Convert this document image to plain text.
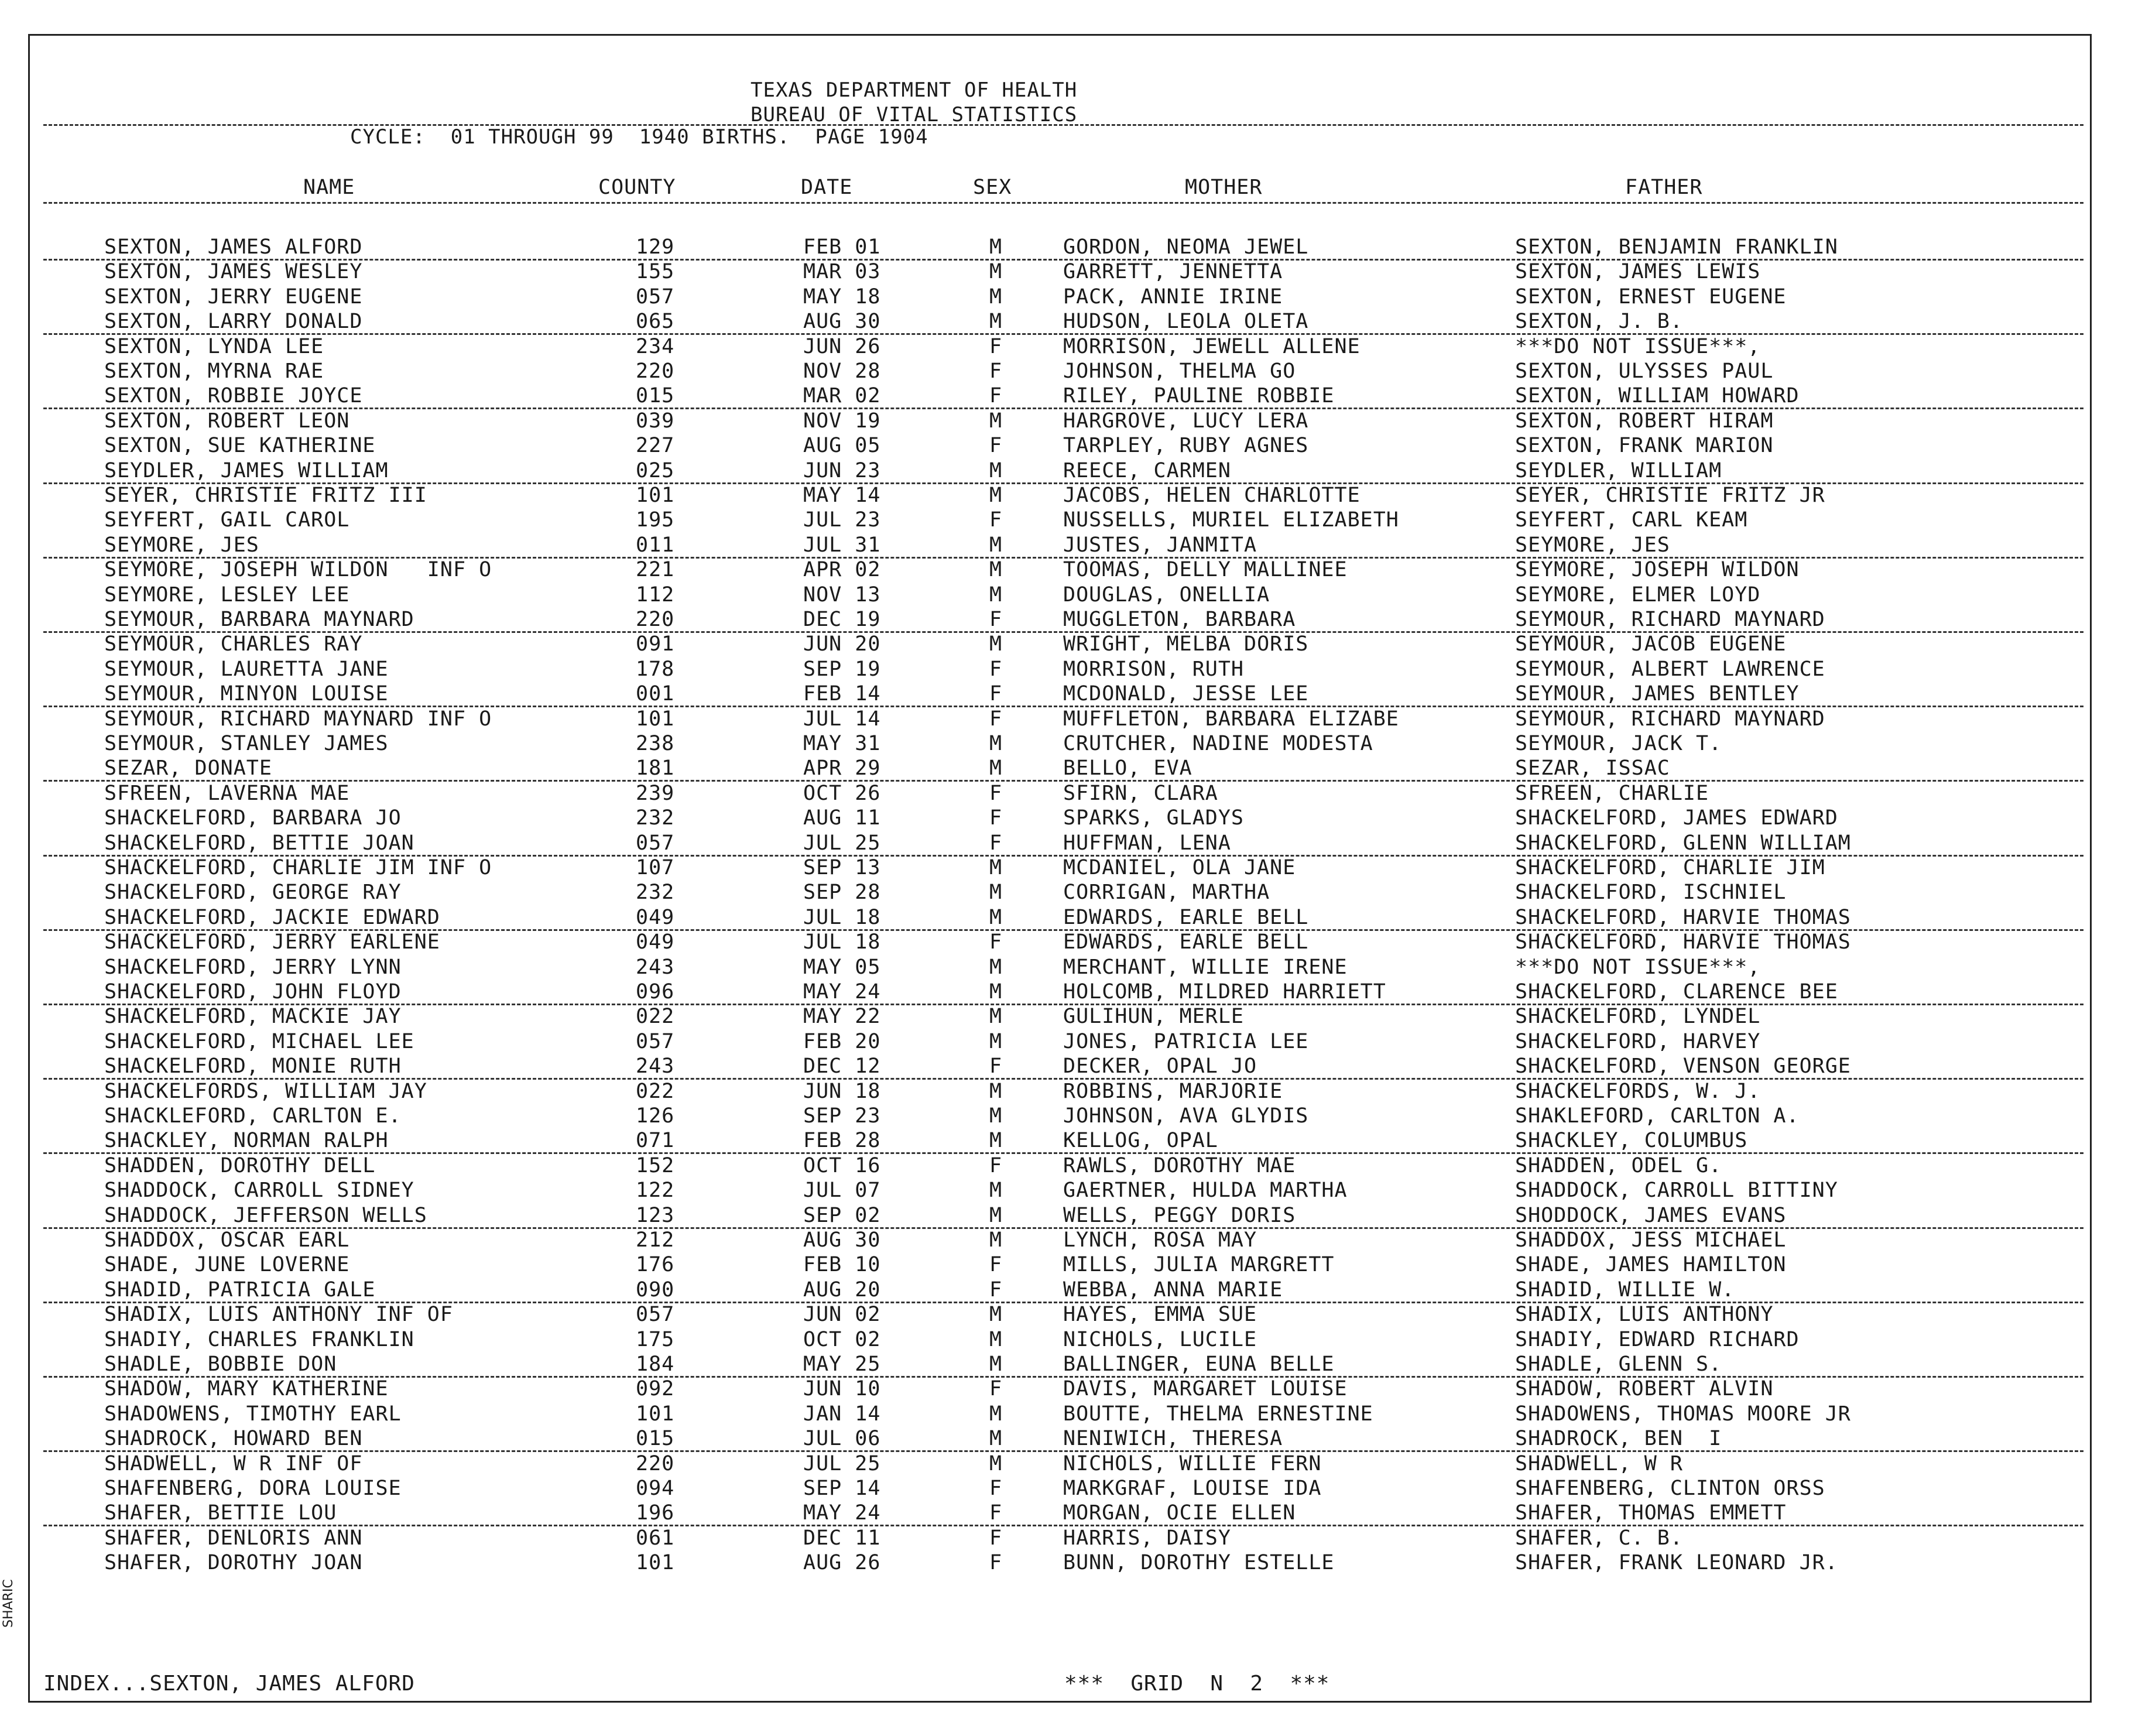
TEXAS DEPARTMENT OF HEALTH
BUREAU OF VITAL STATISTICS
CYCLE:  01 THROUGH 99  1940 BIRTHS.  PAGE 1904
NAME	COUNTY	DATE	SEX	MOTHER	FATHER
SEXTON, JAMES ALFORD	129	FEB 01	M	GORDON, NEOMA JEWEL	SEXTON, BENJAMIN FRANKLIN
SEXTON, JAMES WESLEY	155	MAR 03	M	GARRETT, JENNETTA	SEXTON, JAMES LEWIS
SEXTON, JERRY EUGENE	057	MAY 18	M	PACK, ANNIE IRINE	SEXTON, ERNEST EUGENE
SEXTON, LARRY DONALD	065	AUG 30	M	HUDSON, LEOLA OLETA	SEXTON, J. B.
SEXTON, LYNDA LEE	234	JUN 26	F	MORRISON, JEWELL ALLENE	***DO NOT ISSUE***,
SEXTON, MYRNA RAE	220	NOV 28	F	JOHNSON, THELMA GO	SEXTON, ULYSSES PAUL
SEXTON, ROBBIE JOYCE	015	MAR 02	F	RILEY, PAULINE ROBBIE	SEXTON, WILLIAM HOWARD
SEXTON, ROBERT LEON	039	NOV 19	M	HARGROVE, LUCY LERA	SEXTON, ROBERT HIRAM
SEXTON, SUE KATHERINE	227	AUG 05	F	TARPLEY, RUBY AGNES	SEXTON, FRANK MARION
SEYDLER, JAMES WILLIAM	025	JUN 23	M	REECE, CARMEN	SEYDLER, WILLIAM
SEYER, CHRISTIE FRITZ III	101	MAY 14	M	JACOBS, HELEN CHARLOTTE	SEYER, CHRISTIE FRITZ JR
SEYFERT, GAIL CAROL	195	JUL 23	F	NUSSELLS, MURIEL ELIZABETH	SEYFERT, CARL KEAM
SEYMORE, JES	011	JUL 31	M	JUSTES, JANMITA	SEYMORE, JES
SEYMORE, JOSEPH WILDON   INF O	221	APR 02	M	TOOMAS, DELLY MALLINEE	SEYMORE, JOSEPH WILDON
SEYMORE, LESLEY LEE	112	NOV 13	M	DOUGLAS, ONELLIA	SEYMORE, ELMER LOYD
SEYMOUR, BARBARA MAYNARD	220	DEC 19	F	MUGGLETON, BARBARA	SEYMOUR, RICHARD MAYNARD
SEYMOUR, CHARLES RAY	091	JUN 20	M	WRIGHT, MELBA DORIS	SEYMOUR, JACOB EUGENE
SEYMOUR, LAURETTA JANE	178	SEP 19	F	MORRISON, RUTH	SEYMOUR, ALBERT LAWRENCE
SEYMOUR, MINYON LOUISE	001	FEB 14	F	MCDONALD, JESSE LEE	SEYMOUR, JAMES BENTLEY
SEYMOUR, RICHARD MAYNARD INF O	101	JUL 14	F	MUFFLETON, BARBARA ELIZABE	SEYMOUR, RICHARD MAYNARD
SEYMOUR, STANLEY JAMES	238	MAY 31	M	CRUTCHER, NADINE MODESTA	SEYMOUR, JACK T.
SEZAR, DONATE	181	APR 29	M	BELLO, EVA	SEZAR, ISSAC
SFREEN, LAVERNA MAE	239	OCT 26	F	SFIRN, CLARA	SFREEN, CHARLIE
SHACKELFORD, BARBARA JO	232	AUG 11	F	SPARKS, GLADYS	SHACKELFORD, JAMES EDWARD
SHACKELFORD, BETTIE JOAN	057	JUL 25	F	HUFFMAN, LENA	SHACKELFORD, GLENN WILLIAM
SHACKELFORD, CHARLIE JIM INF O	107	SEP 13	M	MCDANIEL, OLA JANE	SHACKELFORD, CHARLIE JIM
SHACKELFORD, GEORGE RAY	232	SEP 28	M	CORRIGAN, MARTHA	SHACKELFORD, ISCHNIEL
SHACKELFORD, JACKIE EDWARD	049	JUL 18	M	EDWARDS, EARLE BELL	SHACKELFORD, HARVIE THOMAS
SHACKELFORD, JERRY EARLENE	049	JUL 18	F	EDWARDS, EARLE BELL	SHACKELFORD, HARVIE THOMAS
SHACKELFORD, JERRY LYNN	243	MAY 05	M	MERCHANT, WILLIE IRENE	***DO NOT ISSUE***,
SHACKELFORD, JOHN FLOYD	096	MAY 24	M	HOLCOMB, MILDRED HARRIETT	SHACKELFORD, CLARENCE BEE
SHACKELFORD, MACKIE JAY	022	MAY 22	M	GULIHUN, MERLE	SHACKELFORD, LYNDEL
SHACKELFORD, MICHAEL LEE	057	FEB 20	M	JONES, PATRICIA LEE	SHACKELFORD, HARVEY
SHACKELFORD, MONIE RUTH	243	DEC 12	F	DECKER, OPAL JO	SHACKELFORD, VENSON GEORGE
SHACKELFORDS, WILLIAM JAY	022	JUN 18	M	ROBBINS, MARJORIE	SHACKELFORDS, W. J.
SHACKLEFORD, CARLTON E.	126	SEP 23	M	JOHNSON, AVA GLYDIS	SHAKLEFORD, CARLTON A.
SHACKLEY, NORMAN RALPH	071	FEB 28	M	KELLOG, OPAL	SHACKLEY, COLUMBUS
SHADDEN, DOROTHY DELL	152	OCT 16	F	RAWLS, DOROTHY MAE	SHADDEN, ODEL G.
SHADDOCK, CARROLL SIDNEY	122	JUL 07	M	GAERTNER, HULDA MARTHA	SHADDOCK, CARROLL BITTINY
SHADDOCK, JEFFERSON WELLS	123	SEP 02	M	WELLS, PEGGY DORIS	SHODDOCK, JAMES EVANS
SHADDOX, OSCAR EARL	212	AUG 30	M	LYNCH, ROSA MAY	SHADDOX, JESS MICHAEL
SHADE, JUNE LOVERNE	176	FEB 10	F	MILLS, JULIA MARGRETT	SHADE, JAMES HAMILTON
SHADID, PATRICIA GALE	090	AUG 20	F	WEBBA, ANNA MARIE	SHADID, WILLIE W.
SHADIX, LUIS ANTHONY INF OF	057	JUN 02	M	HAYES, EMMA SUE	SHADIX, LUIS ANTHONY
SHADIY, CHARLES FRANKLIN	175	OCT 02	M	NICHOLS, LUCILE	SHADIY, EDWARD RICHARD
SHADLE, BOBBIE DON	184	MAY 25	M	BALLINGER, EUNA BELLE	SHADLE, GLENN S.
SHADOW, MARY KATHERINE	092	JUN 10	F	DAVIS, MARGARET LOUISE	SHADOW, ROBERT ALVIN
SHADOWENS, TIMOTHY EARL	101	JAN 14	M	BOUTTE, THELMA ERNESTINE	SHADOWENS, THOMAS MOORE JR
SHADROCK, HOWARD BEN	015	JUL 06	M	NENIWICH, THERESA	SHADROCK, BEN  I
SHADWELL, W R INF OF	220	JUL 25	M	NICHOLS, WILLIE FERN	SHADWELL, W R
SHAFENBERG, DORA LOUISE	094	SEP 14	F	MARKGRAF, LOUISE IDA	SHAFENBERG, CLINTON ORSS
SHAFER, BETTIE LOU	196	MAY 24	F	MORGAN, OCIE ELLEN	SHAFER, THOMAS EMMETT
SHAFER, DENLORIS ANN	061	DEC 11	F	HARRIS, DAISY	SHAFER, C. B.
SHAFER, DOROTHY JOAN	101	AUG 26	F	BUNN, DOROTHY ESTELLE	SHAFER, FRANK LEONARD JR.
INDEX...SEXTON, JAMES ALFORD	***  GRID  N  2  ***
SHARIC
